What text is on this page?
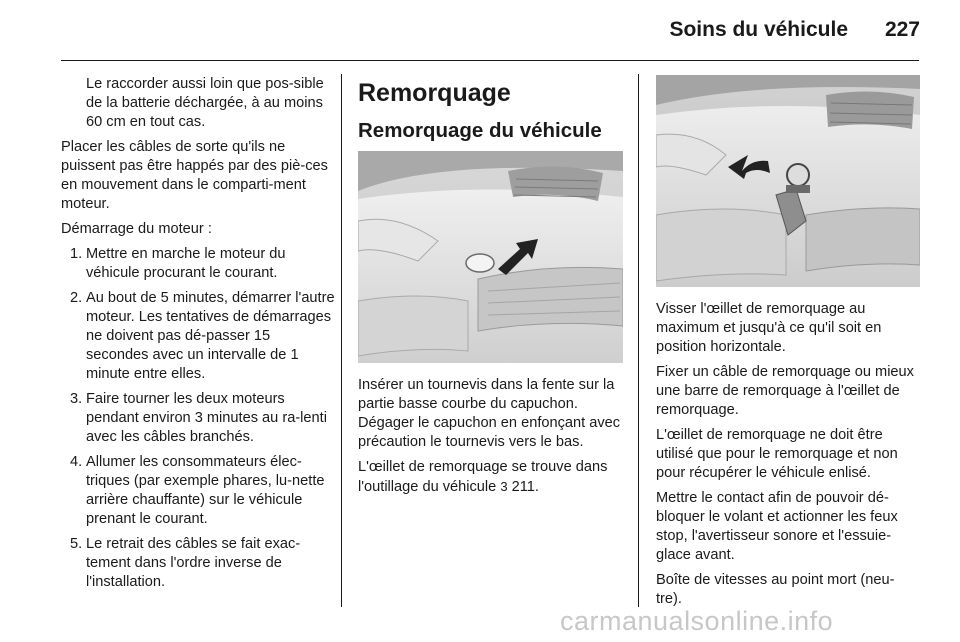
Soins du véhicule	227

Le raccorder aussi loin que pos-sible de la batterie déchargée, à au moins 60 cm en tout cas.

Placer les câbles de sorte qu'ils ne puissent pas être happés par des piè-ces en mouvement dans le comparti-ment moteur.

Démarrage du moteur :

1. Mettre en marche le moteur du véhicule procurant le courant.
2. Au bout de 5 minutes, démarrer l'autre moteur. Les tentatives de démarrages ne doivent pas dé-passer 15 secondes avec un intervalle de 1 minute entre elles.
3. Faire tourner les deux moteurs pendant environ 3 minutes au ra-lenti avec les câbles branchés.
4. Allumer les consommateurs élec-triques (par exemple phares, lu-nette arrière chauffante) sur le véhicule prenant le courant.
5. Le retrait des câbles se fait exac-tement dans l'ordre inverse de l'installation.
Remorquage
Remorquage du véhicule

Insérer un tournevis dans la fente sur la partie basse courbe du capuchon. Dégager le capuchon en enfonçant avec précaution le tournevis vers le bas.

L'œillet de remorquage se trouve dans l'outillage du véhicule 3 211.

Visser l'œillet de remorquage au maximum et jusqu'à ce qu'il soit en position horizontale.

Fixer un câble de remorquage ou mieux une barre de remorquage à l'œillet de remorquage.

L'œillet de remorquage ne doit être utilisé que pour le remorquage et non pour récupérer le véhicule enlisé.

Mettre le contact afin de pouvoir dé-bloquer le volant et actionner les feux stop, l'avertisseur sonore et l'essuie-glace avant.

Boîte de vitesses au point mort (neu-tre).

carmanualsonline.info
